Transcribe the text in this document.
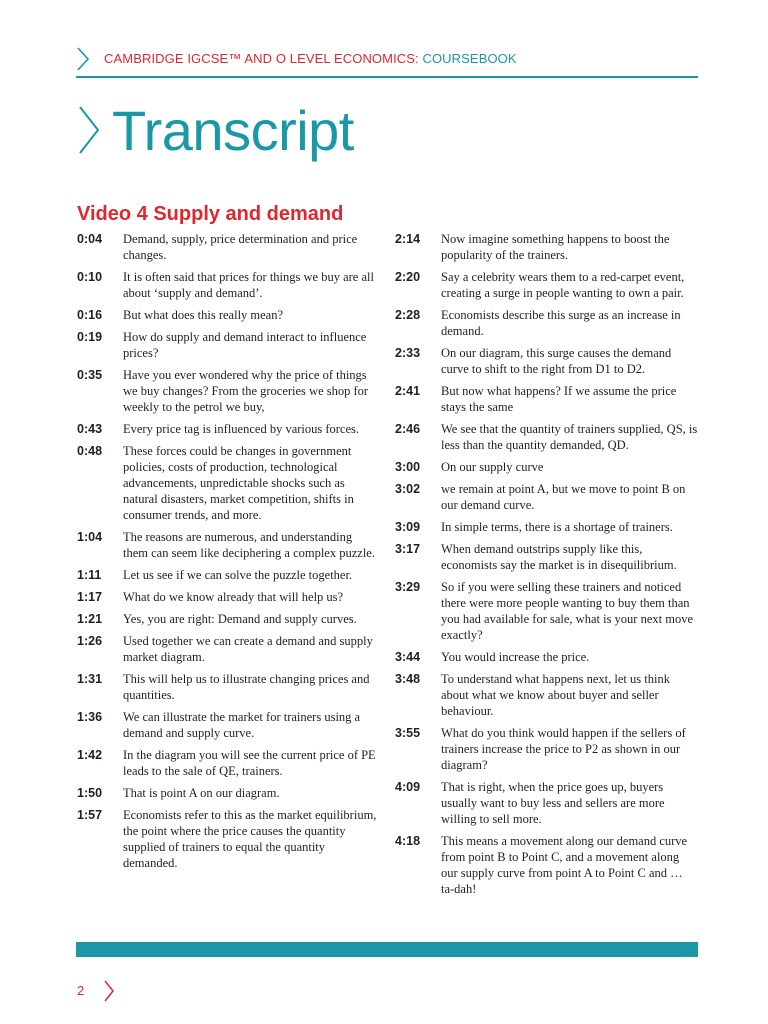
CAMBRIDGE IGCSE™ AND O LEVEL ECONOMICS: COURSEBOOK
Transcript
Video 4 Supply and demand
0:04	Demand, supply, price determination and price changes.
0:10	It is often said that prices for things we buy are all about ‘supply and demand’.
0:16	But what does this really mean?
0:19	How do supply and demand interact to influence prices?
0:35	Have you ever wondered why the price of things we buy changes? From the groceries we shop for weekly to the petrol we buy,
0:43	Every price tag is influenced by various forces.
0:48	These forces could be changes in government policies, costs of production, technological advancements, unpredictable shocks such as natural disasters, market competition, shifts in consumer trends, and more.
1:04	The reasons are numerous, and understanding them can seem like deciphering a complex puzzle.
1:11	Let us see if we can solve the puzzle together.
1:17	What do we know already that will help us?
1:21	Yes, you are right: Demand and supply curves.
1:26	Used together we can create a demand and supply market diagram.
1:31	This will help us to illustrate changing prices and quantities.
1:36	We can illustrate the market for trainers using a demand and supply curve.
1:42	In the diagram you will see the current price of PE leads to the sale of QE, trainers.
1:50	That is point A on our diagram.
1:57	Economists refer to this as the market equilibrium, the point where the price causes the quantity supplied of trainers to equal the quantity demanded.
2:14	Now imagine something happens to boost the popularity of the trainers.
2:20	Say a celebrity wears them to a red-carpet event, creating a surge in people wanting to own a pair.
2:28	Economists describe this surge as an increase in demand.
2:33	On our diagram, this surge causes the demand curve to shift to the right from D1 to D2.
2:41	But now what happens? If we assume the price stays the same
2:46	We see that the quantity of trainers supplied, QS, is less than the quantity demanded, QD.
3:00	On our supply curve
3:02	we remain at point A, but we move to point B on our demand curve.
3:09	In simple terms, there is a shortage of trainers.
3:17	When demand outstrips supply like this, economists say the market is in disequilibrium.
3:29	So if you were selling these trainers and noticed there were more people wanting to buy them than you had available for sale, what is your next move exactly?
3:44	You would increase the price.
3:48	To understand what happens next, let us think about what we know about buyer and seller behaviour.
3:55	What do you think would happen if the sellers of trainers increase the price to P2 as shown in our diagram?
4:09	That is right, when the price goes up, buyers usually want to buy less and sellers are more willing to sell more.
4:18	This means a movement along our demand curve from point B to Point C, and a movement along our supply curve from point A to Point C and … ta-dah!
2
